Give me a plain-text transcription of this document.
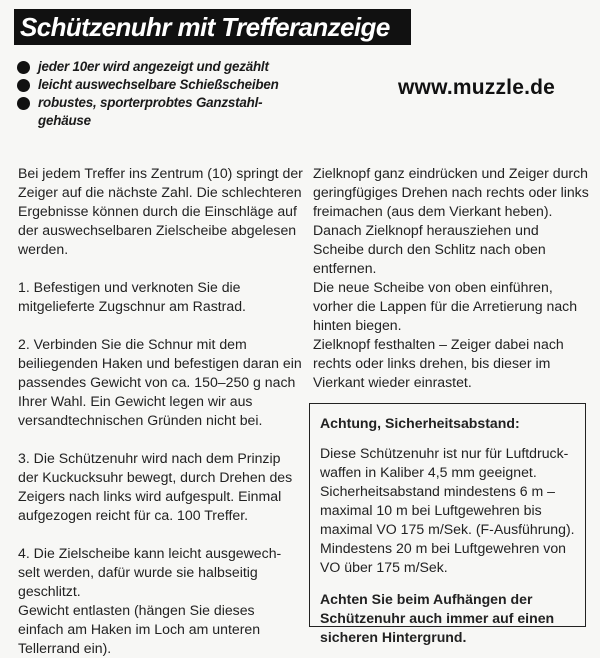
Schützenuhr mit Trefferanzeige
jeder 10er wird angezeigt und gezählt
leicht auswechselbare Schießscheiben
robustes, sporterprobtes Ganzstahl-
gehäuse
www.muzzle.de

Bei jedem Treffer ins Zentrum (10) springt der Zeiger auf die nächste Zahl. Die schlechteren Ergebnisse können durch die Einschläge auf der auswechselbaren Zielscheibe abgelesen werden.

1. Befestigen und verknoten Sie die mitgelieferte Zugschnur am Rastrad.

2. Verbinden Sie die Schnur mit dem beiliegenden Haken und befestigen daran ein passendes Gewicht von ca. 150–250 g nach Ihrer Wahl. Ein Gewicht legen wir aus versandtechnischen Gründen nicht bei.

3. Die Schützenuhr wird nach dem Prinzip der Kuckucksuhr bewegt, durch Drehen des Zeigers nach links wird aufgespult. Einmal aufgezogen reicht für ca. 100 Treffer.

4. Die Zielscheibe kann leicht ausgewech-selt werden, dafür wurde sie halbseitig geschlitzt.

Gewicht entlasten (hängen Sie dieses einfach am Haken im Loch am unteren Tellerrand ein).

Zielknopf ganz eindrücken und Zeiger durch geringfügiges Drehen nach rechts oder links freimachen (aus dem Vierkant heben). Danach Zielknopf herausziehen und Scheibe durch den Schlitz nach oben entfernen.

Die neue Scheibe von oben einführen, vorher die Lappen für die Arretierung nach hinten biegen.

Zielknopf festhalten – Zeiger dabei nach rechts oder links drehen, bis dieser im Vierkant wieder einrastet.

Achtung, Sicherheitsabstand:
Diese Schützenuhr ist nur für Luftdruck-waffen in Kaliber 4,5 mm geeignet. Sicherheitsabstand mindestens 6 m – maximal 10 m bei Luftgewehren bis maximal VO 175 m/Sek. (F-Ausführung). Mindestens 20 m bei Luftgewehren von VO über 175 m/Sek.
Achten Sie beim Aufhängen der Schützenuhr auch immer auf einen sicheren Hintergrund.
